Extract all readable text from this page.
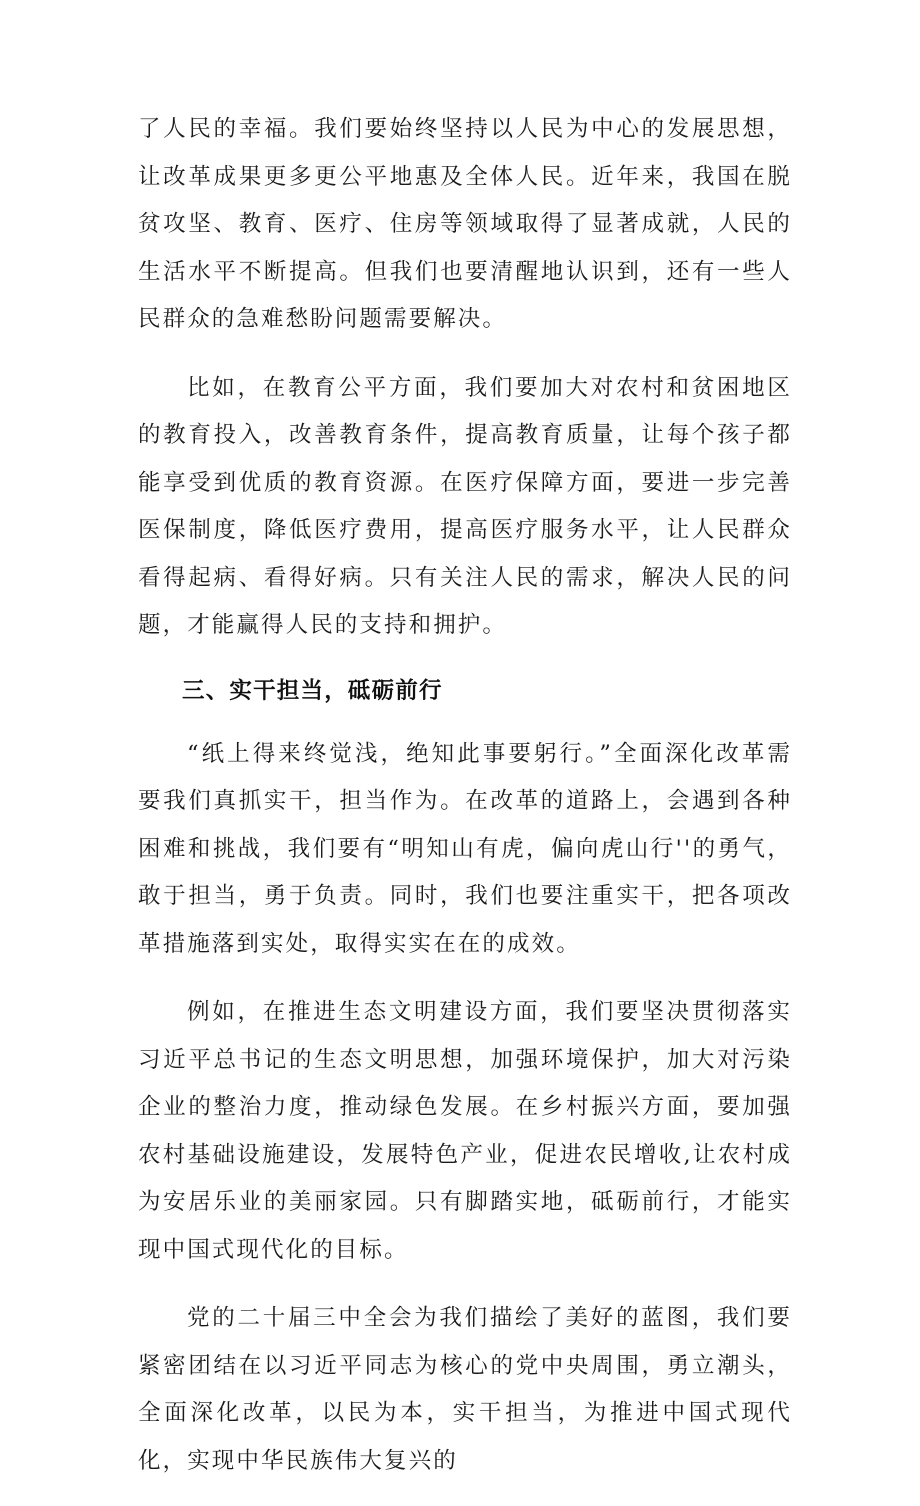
了人民的幸福。我们要始终坚持以人民为中心的发展思想，让改革成果更多更公平地惠及全体人民。近年来，我国在脱贫攻坚、教育、医疗、住房等领域取得了显著成就，人民的生活水平不断提高。但我们也要清醒地认识到，还有一些人民群众的急难愁盼问题需要解决。

比如，在教育公平方面，我们要加大对农村和贫困地区的教育投入，改善教育条件，提高教育质量，让每个孩子都能享受到优质的教育资源。在医疗保障方面，要进一步完善医保制度，降低医疗费用，提高医疗服务水平，让人民群众看得起病、看得好病。只有关注人民的需求，解决人民的问题，才能赢得人民的支持和拥护。

三、实干担当，砥砺前行

“纸上得来终觉浅，绝知此事要躬行。”全面深化改革需要我们真抓实干，担当作为。在改革的道路上，会遇到各种困难和挑战，我们要有“明知山有虎，偏向虎山行''的勇气，敢于担当，勇于负责。同时，我们也要注重实干，把各项改革措施落到实处，取得实实在在的成效。

例如，在推进生态文明建设方面，我们要坚决贯彻落实习近平总书记的生态文明思想，加强环境保护，加大对污染企业的整治力度，推动绿色发展。在乡村振兴方面，要加强农村基础设施建设，发展特色产业，促进农民增收,让农村成为安居乐业的美丽家园。只有脚踏实地，砥砺前行，才能实现中国式现代化的目标。

党的二十届三中全会为我们描绘了美好的蓝图，我们要紧密团结在以习近平同志为核心的党中央周围，勇立潮头，全面深化改革，以民为本，实干担当，为推进中国式现代化，实现中华民族伟大复兴的
